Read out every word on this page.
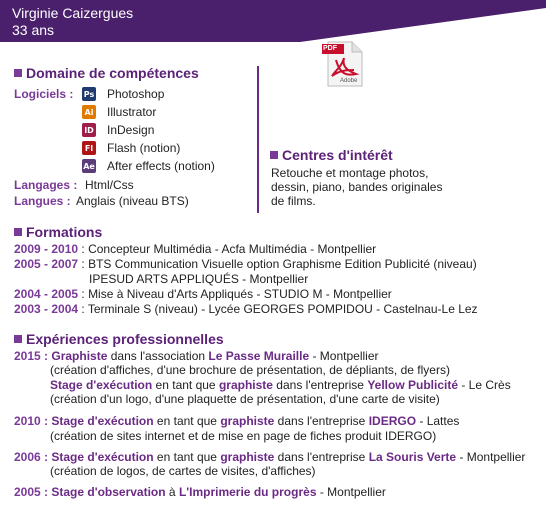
Virginie Caizergues
33 ans
Domaine de compétences
Logiciels : Ps Photoshop
Ai Illustrator
ID InDesign
Fl Flash (notion)
Ae After effects (notion)
Langages : Html/Css
Langues : Anglais (niveau BTS)
PDF
Adobe
Centres d'intérêt
Retouche et montage photos,
dessin, piano, bandes originales
de films.
Formations
2009 - 2010 : Concepteur Multimédia - Acfa Multimédia - Montpellier
2005 - 2007 : BTS Communication Visuelle option Graphisme Edition Publicité (niveau)
IPESUD ARTS APPLIQUÉS - Montpellier
2004 - 2005 : Mise à Niveau d'Arts Appliqués - STUDIO M - Montpellier
2003 - 2004 : Terminale S (niveau) - Lycée GEORGES POMPIDOU - Castelnau-Le Lez
Expériences professionnelles
2015 : Graphiste dans l'association Le Passe Muraille - Montpellier
(création d'affiches, d'une brochure de présentation, de dépliants, de flyers)
Stage d'exécution en tant que graphiste dans l'entreprise Yellow Publicité - Le Crès
(création d'un logo, d'une plaquette de présentation, d'une carte de visite)
2010 : Stage d'exécution en tant que graphiste dans l'entreprise IDERGO - Lattes
(création de sites internet et de mise en page de fiches produit IDERGO)
2006 : Stage d'exécution en tant que graphiste dans l'entreprise La Souris Verte - Montpellier
(création de logos, de cartes de visites, d'affiches)
2005 : Stage d'observation à L'Imprimerie du progrès - Montpellier
